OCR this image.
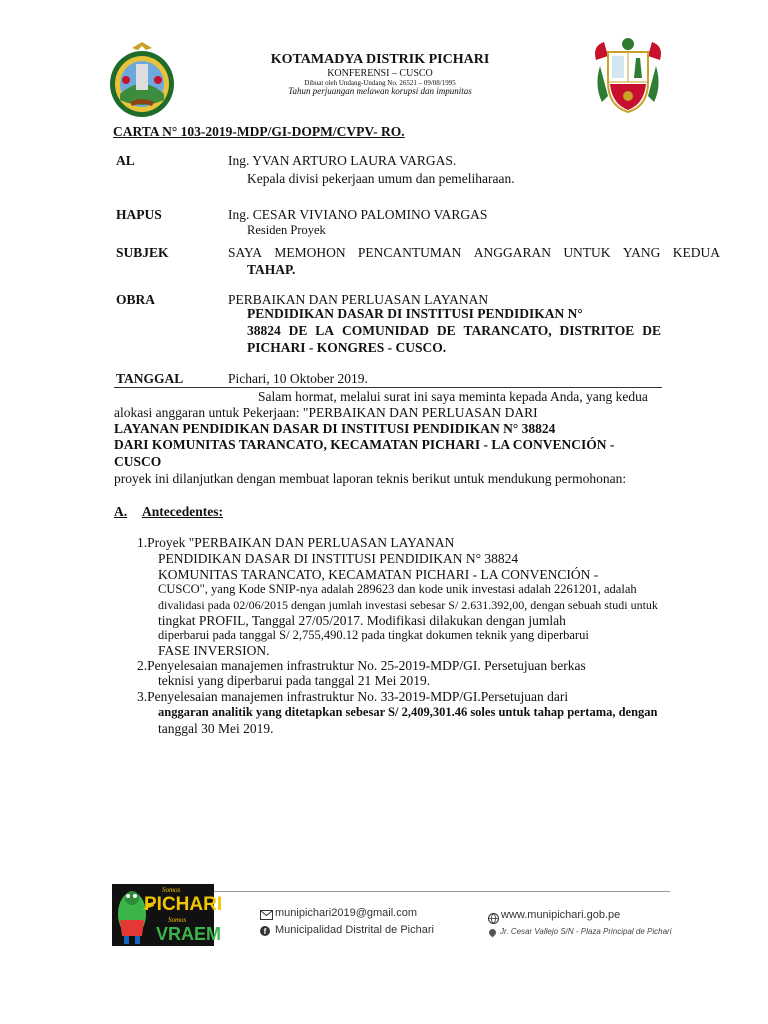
KOTAMADYA DISTRIK PICHARI
KONFERENSI – CUSCO
Dibuat oleh Undang-Undang No. 26521 – 09/08/1995
Tahun perjuangan melawan korupsi dan impunitas
CARTA N° 103-2019-MDP/GI-DOPM/CVPV- RO.
AL	Ing. YVAN ARTURO LAURA VARGAS.
Kepala divisi pekerjaan umum dan pemeliharaan.
HAPUS	Ing. CESAR VIVIANO PALOMINO VARGAS
Residen Proyek
SUBJEK	SAYA MEMOHON PENCANTUMAN ANGGARAN UNTUK YANG KEDUA
TAHAP.
OBRA	PERBAIKAN DAN PERLUASAN LAYANAN
PENDIDIKAN DASAR DI INSTITUSI PENDIDIKAN N°
38824 DE LA COMUNIDAD DE TARANCATO, DISTRITOE DE
PICHARI - KONGRES - CUSCO.
TANGGAL	Pichari, 10 Oktober 2019.
Salam hormat, melalui surat ini saya meminta kepada Anda, yang kedua
alokasi anggaran untuk Pekerjaan: "PERBAIKAN DAN PERLUASAN DARI
LAYANAN PENDIDIKAN DASAR DI INSTITUSI PENDIDIKAN N° 38824
DARI KOMUNITAS TARANCATO, KECAMATAN PICHARI - LA CONVENCIÓN -
CUSCO
proyek ini dilanjutkan dengan membuat laporan teknis berikut untuk mendukung permohonan:
A. Antecedentes:
1.Proyek "PERBAIKAN DAN PERLUASAN LAYANAN
PENDIDIKAN DASAR DI INSTITUSI PENDIDIKAN N° 38824
KOMUNITAS TARANCATO, KECAMATAN PICHARI - LA CONVENCIÓN -
CUSCO", yang Kode SNIP-nya adalah 289623 dan kode unik investasi adalah 2261201, adalah
divalidasi pada 02/06/2015 dengan jumlah investasi sebesar S/ 2.631.392,00, dengan sebuah studi untuk
tingkat PROFIL, Tanggal 27/05/2017. Modifikasi dilakukan dengan jumlah
diperbarui pada tanggal S/ 2,755,490.12 pada tingkat dokumen teknik yang diperbarui
FASE INVERSION.
2.Penyelesaian manajemen infrastruktur No. 25-2019-MDP/GI. Persetujuan berkas
teknisi yang diperbarui pada tanggal 21 Mei 2019.
3.Penyelesaian manajemen infrastruktur No. 33-2019-MDP/GI.Persetujuan dari
anggaran analitik yang ditetapkan sebesar S/ 2,409,301.46 soles untuk tahap pertama, dengan
tanggal 30 Mei 2019.
Somos
PICHARI
Somos
VRAEM
munipichari2019@gmail.com
f Municipalidad Distrital de Pichari
www.munipichari.gob.pe
Jr. Cesar Vallejo S/N - Plaza Principal de Pichari
